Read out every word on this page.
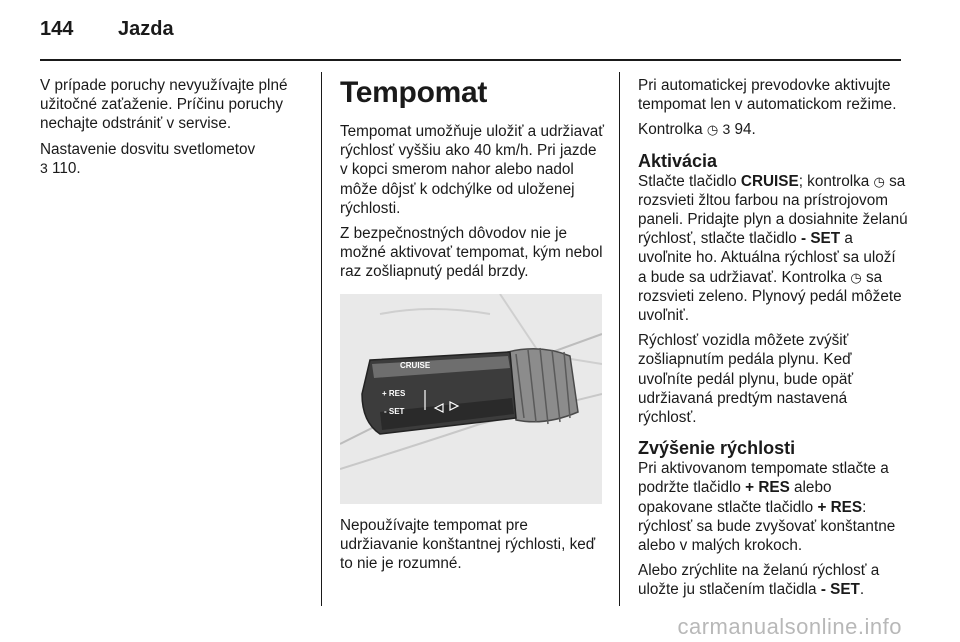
144 Jazda

V prípade poruchy nevyužívajte plné užitočné zaťaženie. Príčinu poruchy nechajte odstrániť v servise.

Nastavenie dosvitu svetlometov
3 110.

Tempomat

Tempomat umožňuje uložiť a udržiavať rýchlosť vyššiu ako 40 km/h. Pri jazde v kopci smerom nahor alebo nadol môže dôjsť k odchýlke od uloženej rýchlosti.

Z bezpečnostných dôvodov nie je možné aktivovať tempomat, kým nebol raz zošliapnutý pedál brzdy.

CRUISE
+ RES
- SET

Nepoužívajte tempomat pre udržiavanie konštantnej rýchlosti, keď to nie je rozumné.

Pri automatickej prevodovke aktivujte tempomat len v automatickom režime.

Kontrolka ◷ 3 94.

Aktivácia

Stlačte tlačidlo CRUISE; kontrolka ◷ sa rozsvieti žltou farbou na prístrojovom paneli. Pridajte plyn a dosiahnite želanú rýchlosť, stlačte tlačidlo - SET a uvoľnite ho. Aktuálna rýchlosť sa uloží a bude sa udržiavať. Kontrolka ◷ sa rozsvieti zeleno. Plynový pedál môžete uvoľniť.

Rýchlosť vozidla môžete zvýšiť zošliapnutím pedála plynu. Keď uvoľníte pedál plynu, bude opäť udržiavaná predtým nastavená rýchlosť.

Zvýšenie rýchlosti

Pri aktivovanom tempomate stlačte a podržte tlačidlo + RES alebo opakovane stlačte tlačidlo + RES: rýchlosť sa bude zvyšovať konštantne alebo v malých krokoch.

Alebo zrýchlite na želanú rýchlosť a uložte ju stlačením tlačidla - SET.

carmanualsonline.info
